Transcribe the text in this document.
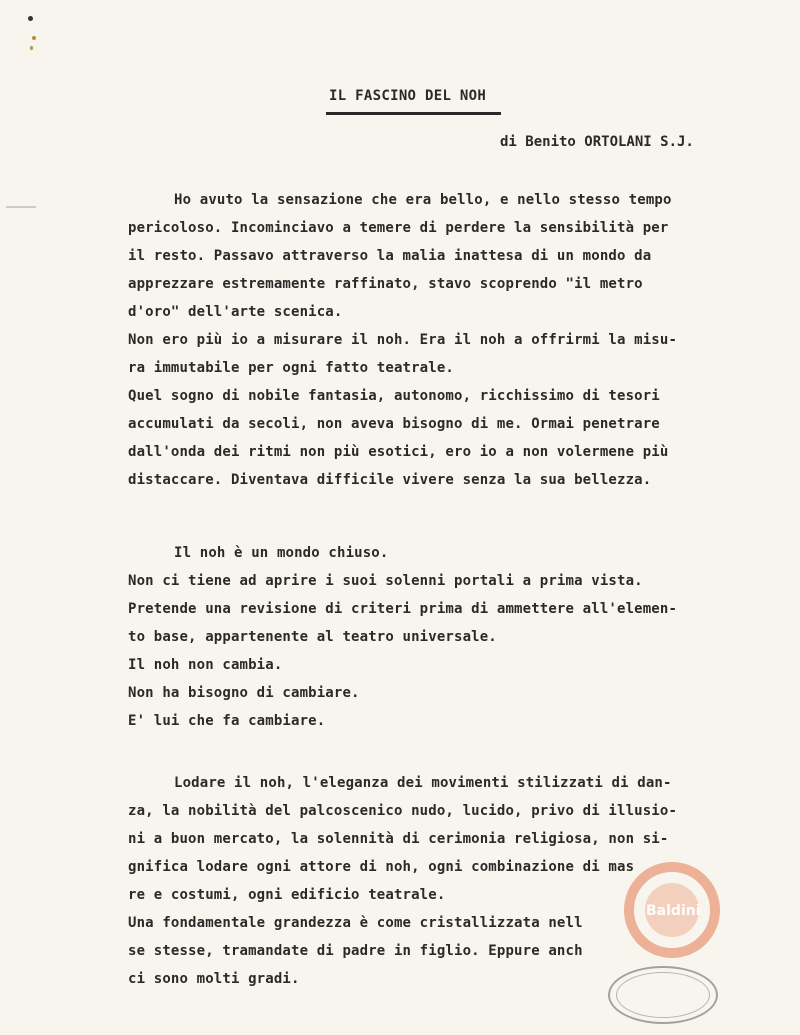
IL FASCINO DEL NOH
di Benito ORTOLANI S.J.
Ho avuto la sensazione che era bello, e nello stesso tempo
pericoloso. Incominciavo a temere di perdere la sensibilità per
il resto. Passavo attraverso la malia inattesa di un mondo da
apprezzare estremamente raffinato, stavo scoprendo "il metro
d'oro" dell'arte scenica.
Non ero più io a misurare il noh. Era il noh a offrirmi la misu-
ra immutabile per ogni fatto teatrale.
Quel sogno di nobile fantasia, autonomo, ricchissimo di tesori
accumulati da secoli, non aveva bisogno di me. Ormai penetrare
dall'onda dei ritmi non più esotici, ero io a non volermene più
distaccare. Diventava difficile vivere senza la sua bellezza.
Il noh è un mondo chiuso.
Non ci tiene ad aprire i suoi solenni portali a prima vista.
Pretende una revisione di criteri prima di ammettere all'elemen-
to base, appartenente al teatro universale.
Il noh non cambia.
Non ha bisogno di cambiare.
E' lui che fa cambiare.
Lodare il noh, l'eleganza dei movimenti stilizzati di dan-
za, la nobilità del palcoscenico nudo, lucido, privo di illusio-
ni a buon mercato, la solennità di cerimonia religiosa, non si-
gnifica lodare ogni attore di noh, ogni combinazione di mas
re e costumi, ogni edificio teatrale.
Una fondamentale grandezza è come cristallizzata nell
se stesse, tramandate di padre in figlio. Eppure anch
ci sono molti gradi.
Baldini
